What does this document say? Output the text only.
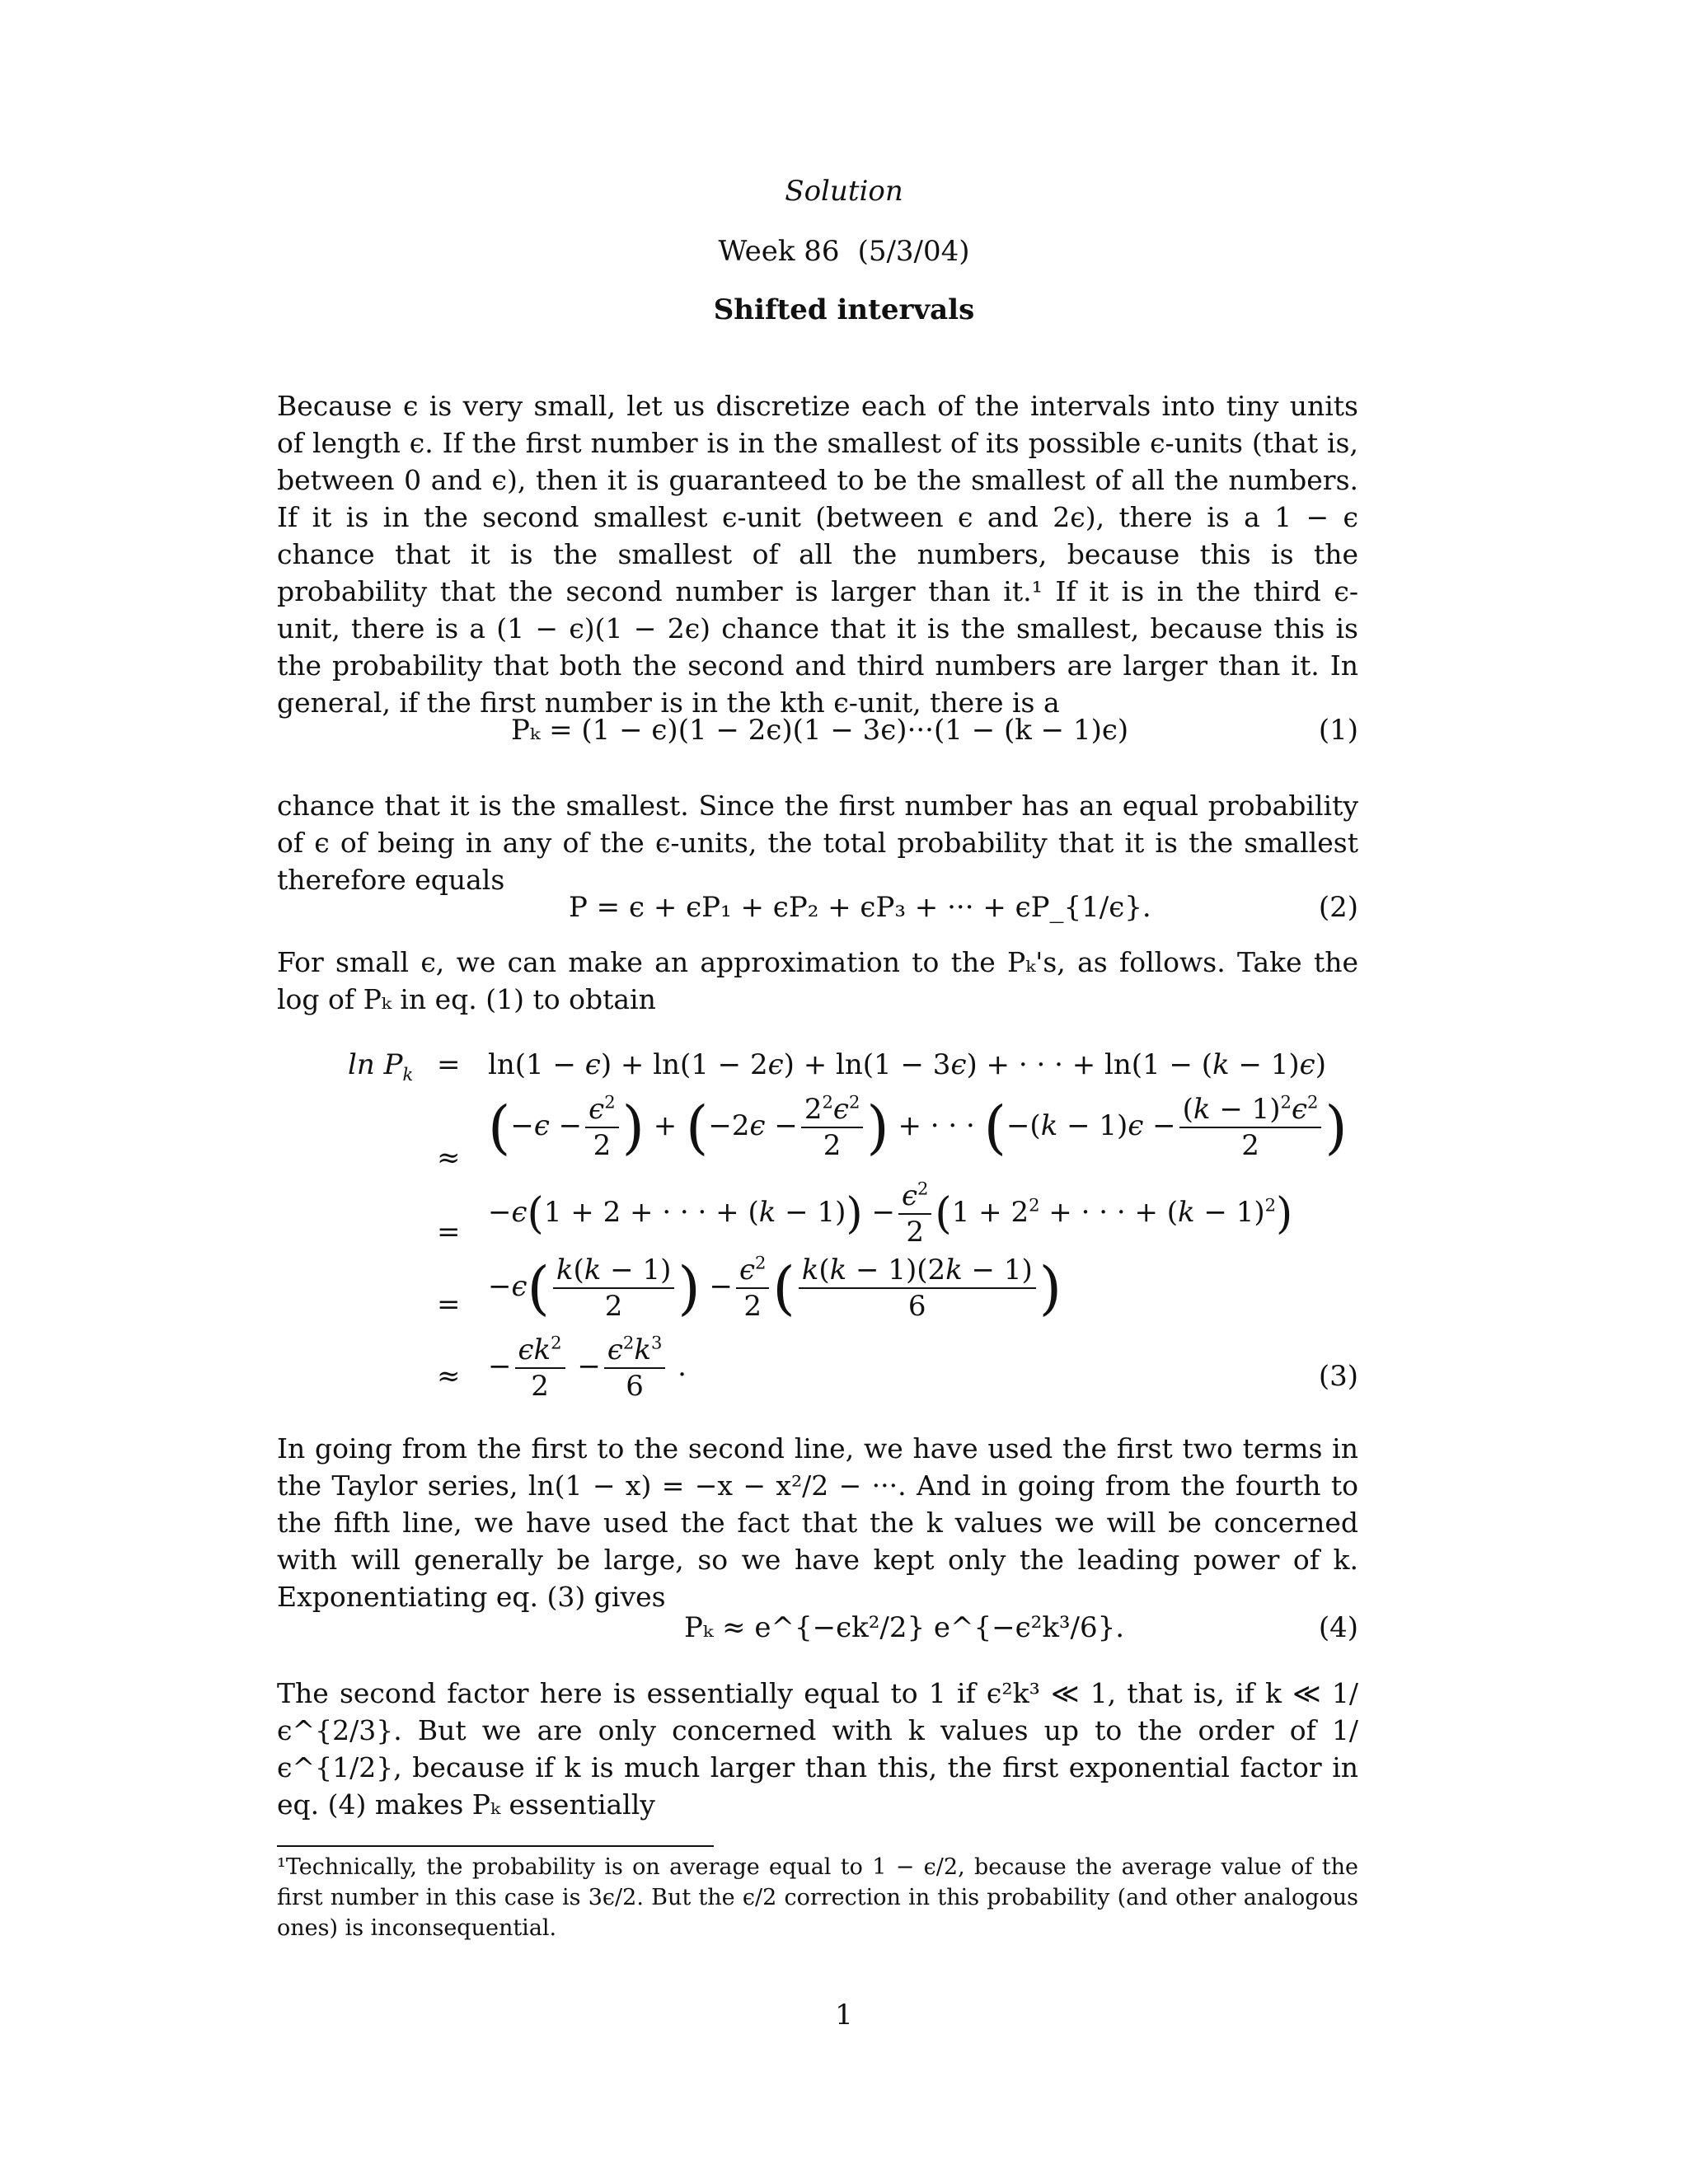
Solution
Week 86 (5/3/04)
Shifted intervals

Because ϵ is very small, let us discretize each of the intervals into tiny units of length ϵ. If the first number is in the smallest of its possible ϵ-units (that is, between 0 and ϵ), then it is guaranteed to be the smallest of all the numbers. If it is in the second smallest ϵ-unit (between ϵ and 2ϵ), there is a 1 − ϵ chance that it is the smallest of all the numbers, because this is the probability that the second number is larger than it.¹ If it is in the third ϵ-unit, there is a (1 − ϵ)(1 − 2ϵ) chance that it is the smallest, because this is the probability that both the second and third numbers are larger than it. In general, if the first number is in the kth ϵ-unit, there is a

Pₖ = (1 − ϵ)(1 − 2ϵ)(1 − 3ϵ)···(1 − (k − 1)ϵ)	(1)

chance that it is the smallest. Since the first number has an equal probability of ϵ of being in any of the ϵ-units, the total probability that it is the smallest therefore equals

P = ϵ + ϵP₁ + ϵP₂ + ϵP₃ + ··· + ϵP_{1/ϵ}.	(2)

For small ϵ, we can make an approximation to the Pₖ's, as follows. Take the log of Pₖ in eq. (1) to obtain

$\ln P_k = \ln(1 - \epsilon) + \ln(1 - 2\epsilon) + \ln(1 - 3\epsilon)$ + · · · + ln(1 − (k − 1)ϵ)
≈ ($-\epsilon - \frac{\epsilon^2}{2}$ ) + ($-2\epsilon - \frac{2^2\epsilon^2}{2}$ ) + · · · ($-(k - 1)\epsilon - \frac{(k - 1)^2\epsilon^2}{2}$ )
=
−ϵ(1 + 2 + · · · + $(k - 1)) - \frac{\epsilon^2}{2} (1 + 2^2$ + · · · + $(k - 1)^2$)
=
$-\epsilon( \frac{k(k - 1)}{2}$ ) − $\frac{\epsilon^2}{2}$ ( $\frac{k(k - 1)(2k - 1)}{6}$ )
≈ − $\frac{\epsilon k^2}{2} - \frac{\epsilon^2k^3}{6}$ .	(3)

In going from the first to the second line, we have used the first two terms in the Taylor series, ln(1 − x) = −x − x²/2 − ···. And in going from the fourth to the fifth line, we have used the fact that the k values we will be concerned with will generally be large, so we have kept only the leading power of k. Exponentiating eq. (3) gives

Pₖ ≈ e^{−ϵk²/2} e^{−ϵ²k³/6}.	(4)

The second factor here is essentially equal to 1 if ϵ²k³ ≪ 1, that is, if k ≪ 1/ϵ^{2/3}. But we are only concerned with k values up to the order of 1/ϵ^{1/2}, because if k is much larger than this, the first exponential factor in eq. (4) makes Pₖ essentially

¹Technically, the probability is on average equal to 1 − ϵ/2, because the average value of the first number in this case is 3ϵ/2. But the ϵ/2 correction in this probability (and other analogous ones) is inconsequential.

1
